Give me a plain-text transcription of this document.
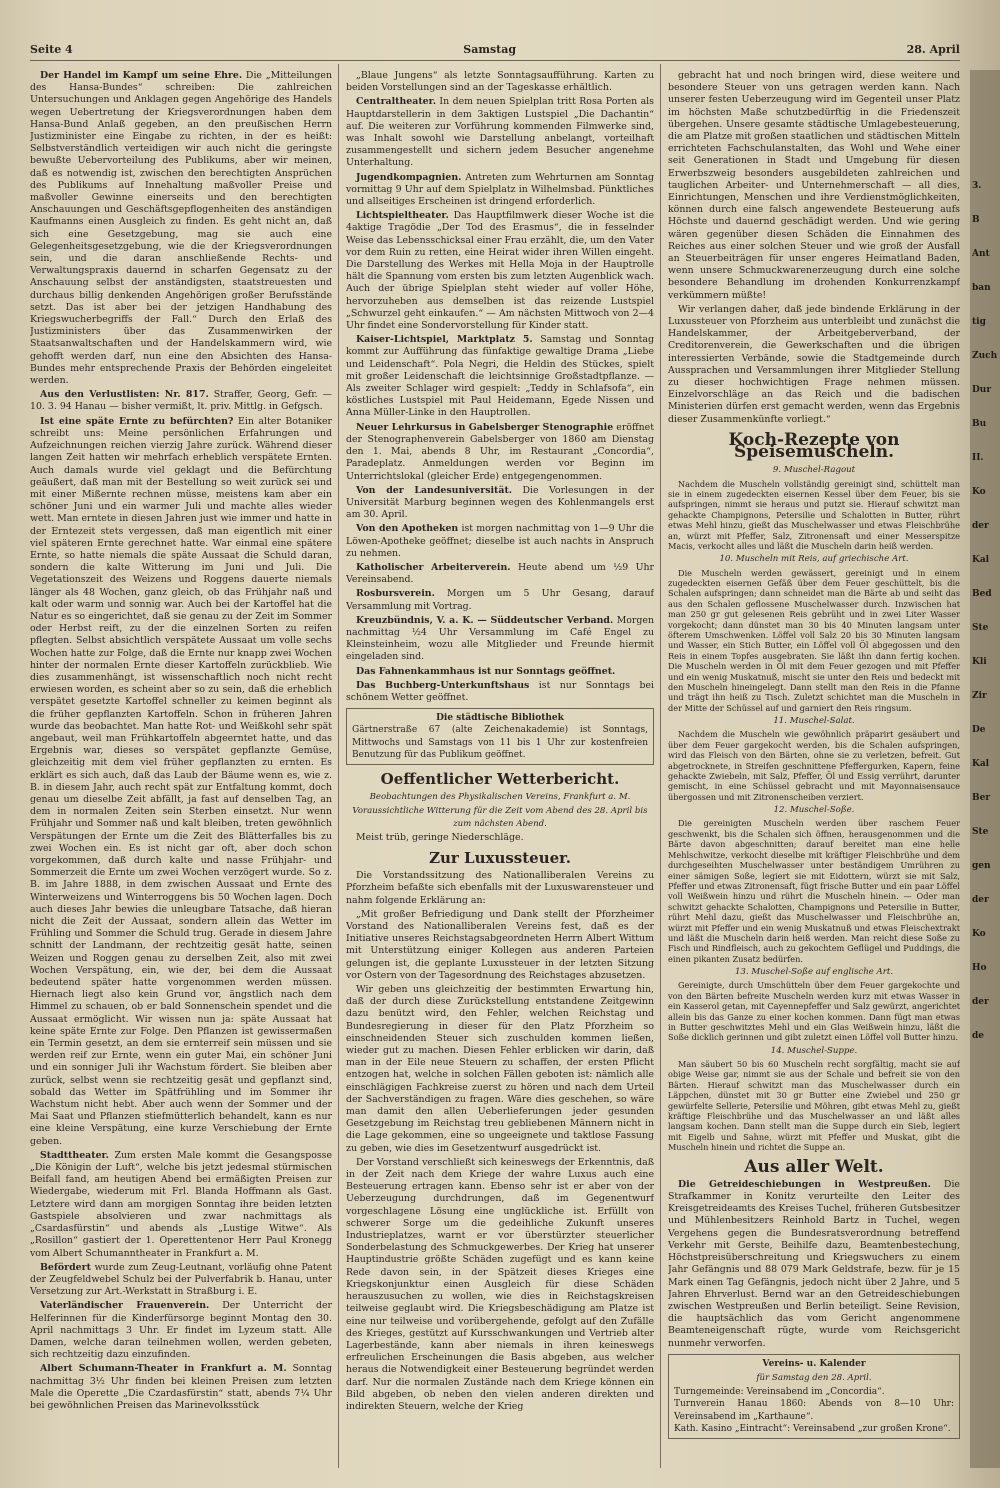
Seite 4	Samstag	28. April

Der Handel im Kampf um seine Ehre. Die „Mitteilungen des Hansa-Bundes“ schreiben: Die zahlreichen Untersuchungen und Anklagen gegen Angehörige des Handels wegen Uebertretung der Kriegsverordnungen haben dem Hansa-Bund Anlaß gegeben, an den preußischen Herrn Justizminister eine Eingabe zu richten, in der es heißt: Selbstverständlich verteidigen wir auch nicht die geringste bewußte Uebervorteilung des Publikums, aber wir meinen, daß es notwendig ist, zwischen den berechtigten Ansprüchen des Publikums auf Innehaltung maßvoller Preise und maßvoller Gewinne einerseits und den berechtigten Anschauungen und Geschäftsgepflogenheiten des anständigen Kaufmanns einen Ausgleich zu finden. Es geht nicht an, daß sich eine Gesetzgebung, mag sie auch eine Gelegenheitsgesetzgebung, wie die der Kriegsverordnungen sein, und die daran anschließende Rechts- und Verwaltungspraxis dauernd in scharfen Gegensatz zu der Anschauung selbst der anständigsten, staatstreuesten und durchaus billig denkenden Angehörigen großer Berufsstände setzt. Das ist aber bei der jetzigen Handhabung des Kriegswucherbegriffs der Fall.“ Durch den Erlaß des Justizministers über das Zusammenwirken der Staatsanwaltschaften und der Handelskammern wird, wie gehofft werden darf, nun eine den Absichten des Hansa-Bundes mehr entsprechende Praxis der Behörden eingeleitet werden.

Aus den Verlustlisten: Nr. 817. Straffer, Georg, Gefr. — 10. 3. 94 Hanau — bisher vermißt, lt. priv. Mittlg. in Gefgsch.

Ist eine späte Ernte zu befürchten? Ein alter Botaniker schreibt uns: Meine persönlichen Erfahrungen und Aufzeichnungen reichen vierzig Jahre zurück. Während dieser langen Zeit hatten wir mehrfach erheblich verspätete Ernten. Auch damals wurde viel geklagt und die Befürchtung geäußert, daß man mit der Bestellung so weit zurück sei und mit einer Mißernte rechnen müsse, meistens kam aber ein schöner Juni und ein warmer Juli und machte alles wieder wett. Man erntete in diesen Jahren just wie immer und hatte in der Erntezeit stets vergessen, daß man eigentlich mit einer viel späteren Ernte gerechnet hatte. War einmal eine spätere Ernte, so hatte niemals die späte Aussaat die Schuld daran, sondern die kalte Witterung im Juni und Juli. Die Vegetationszeit des Weizens und Roggens dauerte niemals länger als 48 Wochen, ganz gleich, ob das Frühjahr naß und kalt oder warm und sonnig war. Auch bei der Kartoffel hat die Natur es so eingerichtet, daß sie genau zu der Zeit im Sommer oder Herbst reift, zu der die einzelnen Sorten zu reifen pflegten. Selbst absichtlich verspätete Aussaat um volle sechs Wochen hatte zur Folge, daß die Ernte nur knapp zwei Wochen hinter der normalen Ernte dieser Kartoffeln zurückblieb. Wie dies zusammenhängt, ist wissenschaftlich noch nicht recht erwiesen worden, es scheint aber so zu sein, daß die erheblich verspätet gesetzte Kartoffel schneller zu keimen beginnt als die früher gepflanzten Kartoffeln. Schon in früheren Jahren wurde das beobachtet. Man hatte Rot- und Weißkohl sehr spät angebaut, weil man Frühkartoffeln abgeerntet hatte, und das Ergebnis war, dieses so verspätet gepflanzte Gemüse, gleichzeitig mit dem viel früher gepflanzten zu ernten. Es erklärt es sich auch, daß das Laub der Bäume wenn es, wie z. B. in diesem Jahr, auch recht spät zur Entfaltung kommt, doch genau um dieselbe Zeit abfällt, ja fast auf denselben Tag, an dem in normalen Zeiten sein Sterben einsetzt. Nur wenn Frühjahr und Sommer naß und kalt bleiben, treten gewöhnlich Verspätungen der Ernte um die Zeit des Blätterfalles bis zu zwei Wochen ein. Es ist nicht gar oft, aber doch schon vorgekommen, daß durch kalte und nasse Frühjahr- und Sommerzeit die Ernte um zwei Wochen verzögert wurde. So z. B. im Jahre 1888, in dem zwischen Aussaat und Ernte des Winterweizens und Winterroggens bis 50 Wochen lagen. Doch auch dieses Jahr bewies die unleugbare Tatsache, daß hieran nicht die Zeit der Aussaat, sondern allein das Wetter im Frühling und Sommer die Schuld trug. Gerade in diesem Jahre schnitt der Landmann, der rechtzeitig gesät hatte, seinen Weizen und Roggen genau zu derselben Zeit, also mit zwei Wochen Verspätung, ein, wie der, bei dem die Aussaat bedeutend später hatte vorgenommen werden müssen. Hiernach liegt also kein Grund vor, ängstlich nach dem Himmel zu schauen, ob er bald Sonnenschein spendet und die Aussaat ermöglicht. Wir wissen nun ja: späte Aussaat hat keine späte Ernte zur Folge. Den Pflanzen ist gewissermaßen ein Termin gesetzt, an dem sie ernterreif sein müssen und sie werden reif zur Ernte, wenn ein guter Mai, ein schöner Juni und ein sonniger Juli ihr Wachstum fördert. Sie bleiben aber zurück, selbst wenn sie rechtzeitig gesät und gepflanzt sind, sobald das Wetter im Spätfrühling und im Sommer ihr Wachstum nicht hebt. Aber auch wenn der Sommer und der Mai Saat und Pflanzen stiefmütterlich behandelt, kann es nur eine kleine Verspätung, eine kurze Verschiebung der Ernte geben.

Stadttheater. Zum ersten Male kommt die Gesangsposse „Die Königin der Luft“, welche bis jetzt jedesmal stürmischen Beifall fand, am heutigen Abend bei ermäßigten Preisen zur Wiedergabe, wiederum mit Frl. Blanda Hoffmann als Gast. Letztere wird dann am morgigen Sonntag ihre beiden letzten Gastspiele absolvieren und zwar nachmittags als „Csardasfürstin“ und abends als „Lustige Witwe“. Als „Rosillon“ gastiert der 1. Operettentenor Herr Paul Kronegg vom Albert Schumanntheater in Frankfurt a. M.

Befördert wurde zum Zeug-Leutnant, vorläufig ohne Patent der Zeugfeldwebel Schulz bei der Pulverfabrik b. Hanau, unter Versetzung zur Art.-Werkstatt in Straßburg i. E.

Vaterländischer Frauenverein. Der Unterricht der Helferinnen für die Kinderfürsorge beginnt Montag den 30. April nachmittags 3 Uhr. Er findet im Lyzeum statt. Alle Damen, welche daran teilnehmen wollen, werden gebeten, sich rechtzeitig dazu einzufinden.

Albert Schumann-Theater in Frankfurt a. M. Sonntag nachmittag 3½ Uhr finden bei kleinen Preisen zum letzten Male die Operette „Die Czardasfürstin“ statt, abends 7¼ Uhr bei gewöhnlichen Preisen das Marinevolksstück

„Blaue Jungens“ als letzte Sonntagsaufführung. Karten zu beiden Vorstellungen sind an der Tageskasse erhältlich.

Centraltheater. In dem neuen Spielplan tritt Rosa Porten als Hauptdarstellerin in dem 3aktigen Lustspiel „Die Dachantin“ auf. Die weiteren zur Vorführung kommenden Filmwerke sind, was Inhalt sowohl wie Darstellung anbelangt, vorteilhaft zusammengestellt und sichern jedem Besucher angenehme Unterhaltung.

Jugendkompagnien. Antreten zum Wehrturnen am Sonntag vormittag 9 Uhr auf dem Spielplatz in Wilhelmsbad. Pünktliches und allseitiges Erscheinen ist dringend erforderlich.

Lichtspieltheater. Das Hauptfilmwerk dieser Woche ist die 4aktige Tragödie „Der Tod des Erasmus“, die in fesselnder Weise das Lebensschicksal einer Frau erzählt, die, um den Vater vor dem Ruin zu retten, eine Heirat wider ihren Willen eingeht. Die Darstellung des Werkes mit Hella Moja in der Hauptrolle hält die Spannung vom ersten bis zum letzten Augenblick wach. Auch der übrige Spielplan steht wieder auf voller Höhe, hervorzuheben aus demselben ist das reizende Lustspiel „Schwurzel geht einkaufen.“ — Am nächsten Mittwoch von 2—4 Uhr findet eine Sondervorstellung für Kinder statt.

Kaiser-Lichtspiel, Marktplatz 5. Samstag und Sonntag kommt zur Aufführung das fünfaktige gewaltige Drama „Liebe und Leidenschaft“. Pola Negri, die Heldin des Stückes, spielt mit großer Leidenschaft die leichtsinnige Großstadtpflanze. — Als zweiter Schlager wird gespielt: „Teddy in Schlafsofa“, ein köstliches Lustspiel mit Paul Heidemann, Egede Nissen und Anna Müller-Linke in den Hauptrollen.

Neuer Lehrkursus in Gabelsberger Stenographie eröffnet der Stenographenverein Gabelsberger von 1860 am Dienstag den 1. Mai, abends 8 Uhr, im Restaurant „Concordia“, Paradeplatz. Anmeldungen werden vor Beginn im Unterrichtslokal (gleicher Erde) entgegengenommen.

Von der Landesuniversität. Die Vorlesungen in der Universität Marburg beginnen wegen des Kohlenmangels erst am 30. April.

Von den Apotheken ist morgen nachmittag von 1—9 Uhr die Löwen-Apotheke geöffnet; dieselbe ist auch nachts in Anspruch zu nehmen.

Katholischer Arbeiterverein. Heute abend um ½9 Uhr Vereinsabend.

Rosbursverein. Morgen um 5 Uhr Gesang, darauf Versammlung mit Vortrag.

Kreuzbündnis, V. a. K. — Süddeutscher Verband. Morgen nachmittag ½4 Uhr Versammlung im Café Engel zu Kleinsteinheim, wozu alle Mitglieder und Freunde hiermit eingeladen sind.

Das Fahnenkammhaus ist nur Sonntags geöffnet.

Das Buchberg-Unterkunftshaus ist nur Sonntags bei schönem Wetter geöffnet.

Die städtische Bibliothek
Gärtnerstraße 67 (alte Zeichenakademie) ist Sonntags, Mittwochs und Samstags von 11 bis 1 Uhr zur kostenfreien Benutzung für das Publikum geöffnet.
Oeffentlicher Wetterbericht.
Beobachtungen des Physikalischen Vereins, Frankfurt a. M.
Voraussichtliche Witterung für die Zeit vom Abend des 28. April bis zum nächsten Abend.

Meist trüb, geringe Niederschläge.

Zur Luxussteuer.

Die Vorstandssitzung des Nationalliberalen Vereins zu Pforzheim befaßte sich ebenfalls mit der Luxuswarensteuer und nahm folgende Erklärung an:

„Mit großer Befriedigung und Dank stellt der Pforzheimer Vorstand des Nationalliberalen Vereins fest, daß es der Initiative unseres Reichstagsabgeordneten Herrn Albert Wittum mit Unterstützung einiger Kollegen aus anderen Parteien gelungen ist, die geplante Luxussteuer in der letzten Sitzung vor Ostern von der Tagesordnung des Reichstages abzusetzen.

Wir geben uns gleichzeitig der bestimmten Erwartung hin, daß der durch diese Zurückstellung entstandene Zeitgewinn dazu benützt wird, den Fehler, welchen Reichstag und Bundesregierung in dieser für den Platz Pforzheim so einschneidenden Steuer sich zuschulden kommen ließen, wieder gut zu machen. Diesen Fehler erblicken wir darin, daß man in der Eile neue Steuern zu schaffen, der ersten Pflicht entzogen hat, welche in solchen Fällen geboten ist: nämlich alle einschlägigen Fachkreise zuerst zu hören und nach dem Urteil der Sachverständigen zu fragen. Wäre dies geschehen, so wäre man damit den allen Ueberlieferungen jeder gesunden Gesetzgebung im Reichstag treu gebliebenen Männern nicht in die Lage gekommen, eine so ungeeignete und taktlose Fassung zu geben, wie dies im Gesetzentwurf ausgedrückt ist.

Der Vorstand verschließt sich keineswegs der Erkenntnis, daß in der Zeit nach dem Kriege der wahre Luxus auch eine Besteuerung ertragen kann. Ebenso sehr ist er aber von der Ueberzeugung durchdrungen, daß im Gegenentwurf vorgeschlagene Lösung eine unglückliche ist. Erfüllt von schwerer Sorge um die gedeihliche Zukunft unseres Industrieplatzes, warnt er vor überstürzter steuerlicher Sonderbelastung des Schmuckgewerbes. Der Krieg hat unserer Hauptindustrie größte Schäden zugefügt und es kann keine Rede davon sein, in der Spätzeit dieses Krieges eine Kriegskonjunktur einen Ausgleich für diese Schäden herauszusuchen zu wollen, wie dies in Reichstagskreisen teilweise geglaubt wird. Die Kriegsbeschädigung am Platze ist eine nur teilweise und vorübergehende, gefolgt auf den Zufälle des Krieges, gestützt auf Kursschwankungen und Vertrieb alter Lagerbestände, kann aber niemals in ihren keineswegs erfreulichen Erscheinungen die Basis abgeben, aus welcher heraus die Notwendigkeit einer Besteuerung begründet werden darf. Nur die normalen Zustände nach dem Kriege können ein Bild abgeben, ob neben den vielen anderen direkten und indirekten Steuern, welche der Krieg

gebracht hat und noch bringen wird, diese weitere und besondere Steuer von uns getragen werden kann. Nach unserer festen Ueberzeugung wird im Gegenteil unser Platz im höchsten Maße schutzbedürftig in die Friedenszeit übergehen. Unsere gesamte städtische Umlagebesteuerung, die am Platze mit großen staatlichen und städtischen Mitteln errichteten Fachschulanstalten, das Wohl und Wehe einer seit Generationen in Stadt und Umgebung für diesen Erwerbszweig besonders ausgebildeten zahlreichen und tauglichen Arbeiter- und Unternehmerschaft — all dies, Einrichtungen, Menschen und ihre Verdienstmöglichkeiten, können durch eine falsch angewendete Besteuerung aufs Höchste und dauernd geschädigt werden. Und wie gering wären gegenüber diesen Schäden die Einnahmen des Reiches aus einer solchen Steuer und wie groß der Ausfall an Steuerbeiträgen für unser engeres Heimatland Baden, wenn unsere Schmuckwarenerzeugung durch eine solche besondere Behandlung im drohenden Konkurrenzkampf verkümmern müßte!

Wir verlangen daher, daß jede bindende Erklärung in der Luxussteuer von Pforzheim aus unterbleibt und zunächst die Handelskammer, der Arbeitgeberverband, der Creditorenverein, die Gewerkschaften und die übrigen interessierten Verbände, sowie die Stadtgemeinde durch Aussprachen und Versammlungen ihrer Mitglieder Stellung zu dieser hochwichtigen Frage nehmen müssen. Einzelvorschläge an das Reich und die badischen Ministerien dürfen erst gemacht werden, wenn das Ergebnis dieser Zusammenkünfte vorliegt.“

Koch-Rezepte von Speisemuscheln.
9. Muschel-Ragout

Nachdem die Muscheln vollständig gereinigt sind, schüttelt man sie in einem zugedeckten eisernen Kessel über dem Feuer, bis sie aufspringen, nimmt sie heraus und putzt sie. Hierauf schwitzt man gehackte Champignons, Petersilie und Schalotten in Butter, rührt etwas Mehl hinzu, gießt das Muschelwasser und etwas Fleischbrühe an, würzt mit Pfeffer, Salz, Zitronensaft und einer Messerspitze Macis, verkocht alles und läßt die Muscheln darin heiß werden.

10. Muscheln mit Reis, auf griechische Art.

Die Muscheln werden gewässert, gereinigt und in einem zugedeckten eisernen Gefäß über dem Feuer geschüttelt, bis die Schalen aufspringen; dann schneidet man die Bärte ab und seiht das aus den Schalen geflossene Muschelwasser durch. Inzwischen hat man 250 gr gut gelesenen Reis gebrüht und in zwei Liter Wasser vorgekocht; dann dünstet man 30 bis 40 Minuten langsam unter öfterem Umschwenken. Löffel voll Salz 20 bis 30 Minuten langsam und Wasser, ein Stich Butter, ein Löffel voll Öl abgegossen und den Reis in einem Topfes ausgebraten. Sie läßt ihn dann fertig kochen. Die Muscheln werden in Öl mit dem Feuer gezogen und mit Pfeffer und ein wenig Muskatnuß, mischt sie unter den Reis und bedeckt mit den Muscheln hineingelegt. Dann stellt man den Reis in die Pfanne und trägt ihn heiß zu Tisch. Zuletzt schichtet man die Muscheln in der Mitte der Schüssel auf und garniert den Reis ringsum.

11. Muschel-Salat.

Nachdem die Muscheln wie gewöhnlich präparirt gesäubert und über dem Feuer gargekocht werden, bis die Schalen aufspringen, wird das Fleisch von den Bärten, ohne sie zu verletzen, befreit. Gut abgetrocknete, in Streifen geschnittene Pfeffergurken, Kapern, feine gehackte Zwiebeln, mit Salz, Pfeffer, Öl und Essig verrührt, darunter gemischt, in eine Schüssel gebracht und mit Mayonnaisensauce übergossen und mit Zitronenscheiben verziert.

12. Muschel-Soße.

Die gereinigten Muscheln werden über raschem Feuer geschwenkt, bis die Schalen sich öffnen, herausgenommen und die Bärte davon abgeschnitten; darauf bereitet man eine helle Mehlschwitze, verkocht dieselbe mit kräftiger Fleischbrühe und dem durchgeseihten Muschelwasser unter beständigem Umrühren zu einer sämigen Soße, legiert sie mit Eidottern, würzt sie mit Salz, Pfeffer und etwas Zitronensaft, fügt frische Butter und ein paar Löffel voll Weißwein hinzu und rührt die Muscheln hinein. — Oder man schwitzt gehackte Schalotten, Champignons und Petersilie in Butter, rührt Mehl dazu, gießt das Muschelwasser und Fleischbrühe an, würzt mit Pfeffer und ein wenig Muskatnuß und etwas Fleischextrakt und läßt die Muscheln darin heiß werden. Man reicht diese Soße zu Fisch und Rindfleisch, auch zu gekochtem Geflügel und Puddings, die einen pikanten Zusatz bedürfen.

13. Muschel-Soße auf englische Art.

Gereinigte, durch Umschütteln über dem Feuer gargekochte und von den Bärten befreite Muscheln werden kurz mit etwas Wasser in ein Kasserol getan, mit Cayennepfeffer und Salz gewürzt, angerichtet allein bis das Ganze zu einer kochen kommen. Dann fügt man etwas in Butter geschwitztes Mehl und ein Glas Weißwein hinzu, läßt die Soße dicklich gerinnen und gibt zuletzt einen Löffel voll Butter hinzu.

14. Muschel-Suppe.

Man säubert 50 bis 60 Muscheln recht sorgfältig, macht sie auf obige Weise gar, nimmt sie aus der Schale und befreit sie von den Bärten. Hierauf schwitzt man das Muschelwasser durch ein Läppchen, dünstet mit 30 gr Butter eine Zwiebel und 250 gr gewürfelte Sellerie, Petersilie und Möhren, gibt etwas Mehl zu, gießt kräftige Fleischbrühe und das Muschelwasser an und läßt alles langsam kochen. Dann stellt man die Suppe durch ein Sieb, legiert mit Eigelb und Sahne, würzt mit Pfeffer und Muskat, gibt die Muscheln hinein und richtet die Suppe an.

Aus aller Welt.

Die Getreideschiebungen in Westpreußen. Die Strafkammer in Konitz verurteilte den Leiter des Kreisgetreideamts des Kreises Tuchel, früheren Gutsbesitzer und Mühlenbesitzers Reinhold Bartz in Tuchel, wegen Vergehens gegen die Bundesratsverordnung betreffend Verkehr mit Gerste, Beihilfe dazu, Beamtenbestechung, Höchstpreisüberschreitung und Kriegswuchers zu einem Jahr Gefängnis und 88 079 Mark Geldstrafe, bezw. für je 15 Mark einen Tag Gefängnis, jedoch nicht über 2 Jahre, und 5 Jahren Ehrverlust. Bernd war an den Getreideschiebungen zwischen Westpreußen und Berlin beteiligt. Seine Revision, die hauptsächlich das vom Gericht angenommene Beamteneigenschaft rügte, wurde vom Reichsgericht nunmehr verworfen.

Vereins- u. Kalender
für Samstag den 28. April.
Turngemeinde: Vereinsabend im „Concordia“.
Turnverein Hanau 1860: Abends von 8—10 Uhr: Vereinsabend im „Karthaune“.
Kath. Kasino „Eintracht“: Vereinsabend „zur großen Krone“.
3.
B
Ant
ban
tig
Zuch
Dur
Bu
II.
Ko
der
Kal
Bed
Ste
Kli
Zir
De
Kal
Ber
Ste
gen
der
Ko
Ho
der
de
